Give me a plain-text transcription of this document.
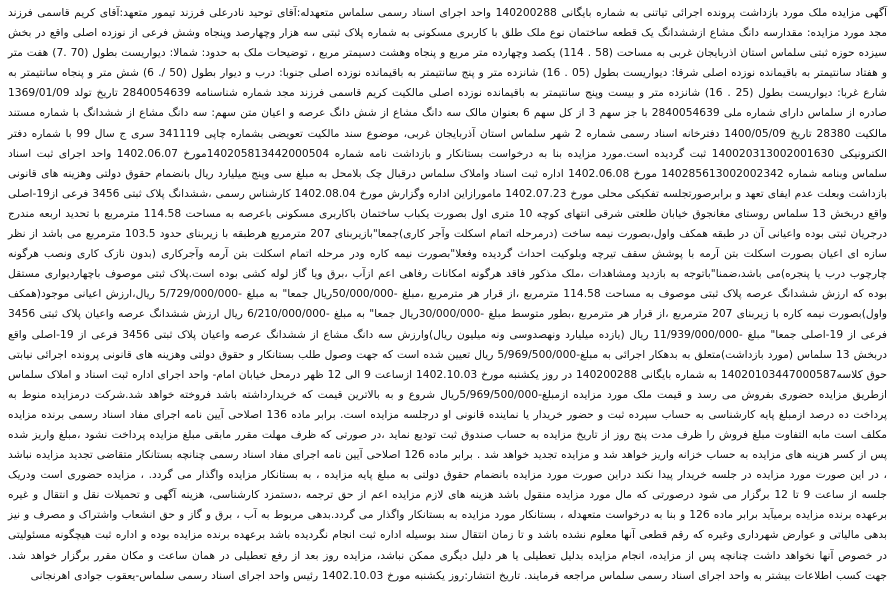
آگهی مزایده ملک مورد بازداشت پرونده اجرائی تیاتنی به شماره بایگانی 140200288 واحد اجرای اسناد رسمی سلماس متعهدله:آقای توحید نادرعلی فرزند تیمور متعهد:آقای کریم قاسمی فرزند مجد مورد مزایده: مقدارسه دانگ مشاع ازششدانگ یک قطعه ساختمان نوع ملک طلق با کاربری مسکونی به شماره پلاک ثبتی سه هزار وچهارصد وپنجاه وشش فرعی از نوزده اصلی واقع در بخش سیزده حوزه ثبتی سلماس استان اذربایجان غربی به مساحت (58 . 114) یکصد وچهارده متر مربع و پنجاه وهشت دسیمتر مربع ، توضیحات ملک به حدود: شمالا: دیواریست بطول (70 .7) هفت متر و هفتاد سانتیمتر به باقیمانده نوزده اصلی شرقا: دیواریست بطول (05 . 16) شانزده متر و پنج سانتیمتر به باقیمانده نوزده اصلی جنوبا: درب و دیوار بطول (50 /. 6) شش متر و پنجاه سانتیمتر به شارع غربا: دیواریست بطول (25 . 16) شانزده متر و بیست وپنج سانتیمتر به باقیمانده نوزده اصلی مالکیت کریم قاسمی فرزند مجد شماره شناسنامه 2840054639 تاریخ تولد 1369/01/09 صادره از سلماس دارای شماره ملی 2840054639 با جز سهم 3 از کل سهم 6 بعنوان مالک سه دانگ مشاع از شش دانگ عرصه و اعیان متن سهم: سه دانگ مشاع از ششدانگ با شماره مستند مالکیت 28380 تاریخ 1400/05/09 دفترخانه اسناد رسمی شماره 2 شهر سلماس استان آذربایجان غربی، موضوع سند مالکیت تعویضی بشماره چاپی 341119 سری ج سال 99 با شماره دفتر الکترونیکی 140020313002001630 ثبت گردیده است.مورد مزایده بنا به درخواست بستانکار و بازداشت نامه شماره 14020581344200050‌4مورخ 1402.06.07 واحد اجرای ثبت اسناد سلماس وبنامه شماره 140285613002002342 مورخ 1402.06.08 اداره ثبت اسناد واملاک سلماس درقبال چک بلامحل به مبلغ سی وپنج میلیارد ریال بانضمام حقوق دولتی وهزینه های قانونی بازداشت وبعلت عدم ایفای تعهد و برابرصورتجلسه تفکیکی محلی مورخ 1402.07.23 مامورازاین اداره وگزارش مورخ 1402.08.04 کارشناس رسمی ،ششدانگ پلاک ثبتی 3456 فرعی از19-اصلی واقع دربخش 13 سلماس روستای مغانجوق خیابان طلعتی شرقی انتهای کوچه 10 متری اول بصورت یکباب ساختمان باکاربری مسکونی باعرصه به مساحت 114.58 مترمربع با تحدید اربعه مندرج درجریان ثبتی بوده واعیانی آن در طبقه همکف واول،بصورت نیمه ساخت (درمرحله اتمام اسکلت وآجر کاری)جمعا"بازیربنای 207 مترمربع هرطبقه با زیربنای حدود 103.5 مترمربع می باشد از نظر سازه ای اعیان بصورت اسکلت بتن آرمه با پوشش سقف تیرچه وبلوکیت احداث گردیده وفعلا"بصورت نیمه کاره ودر مرحله اتمام اسکلت بتن آرمه وآجرکاری (بدون نازک کاری ونصب هرگونه چارچوب درب یا پنجره)می باشد،ضمنا"باتوجه به بازدید ومشاهدات ،ملک مذکور فاقد هرگونه امکانات رفاهی اعم ازآب ،برق ویا گاز لوله کشی بوده است.پلاک ثبتی موصوف باچهاردیواری مستقل بوده که ارزش ششدانگ عرصه پلاک ثبتی موصوف به مساحت 114.58 مترمربع ،از قرار هر مترمربع ،مبلغ -50/000/000ریال جمعا" به مبلغ -5/729/000/000 ریال،ارزش اعیانی موجود(همکف واول)بصورت نیمه کاره با زیربنای 207 مترمربع ،از قرار هر مترمربع ،بطور متوسط مبلغ -30/000/000ریال جمعا" به مبلغ -6/210/000/000 ریال ارزش ششدانگ عرصه واعیان پلاک ثبتی 3456 فرعی از 19-اصلی جمعا" مبلغ -11/939/000/000 ریال (یازده میلیارد ونهصدوسی ونه میلیون ریال)وارزش سه دانگ مشاع از ششدانگ عرصه واعیان پلاک ثبتی 3456 فرعی از 19-اصلی واقع دربخش 13 سلماس (مورد بازداشت)متعلق به بدهکار اجرائی به مبلغ-5/969/500/000 ریال تعیین شده است که جهت وصول طلب بستانکار و حقوق دولتی وهزینه های قانونی پرونده اجرائی نیابتی حوق کلاسه140201034470005‌87 به شماره بایگانی 140200288 در روز یکشنبه مورخ 1402.10.03 ازساعت 9 الی 12 ظهر درمحل خیابان امام- واحد اجرای اداره ثبت اسناد و املاک سلماس ازطریق مزایده حضوری بفروش می رسد و قیمت ملک مورد مزایده ازمبلغ-5/969/500/000ریال شروع و به بالاترین قیمت که خریدارداشته باشد فروخته خواهد شد.شرکت درمزایده منوط به پرداخت ده درصد ازمبلغ پایه کارشناسی به حساب سپرده ثبت و حضور خریدار یا نماینده قانونی او درجلسه مزایده است. برابر ماده 136 اصلاحی آیین نامه اجرای مفاد اسناد رسمی برنده مزایده مکلف است مابه التفاوت مبلغ فروش را ظرف مدت پنج روز از تاریخ مزایده به حساب صندوق ثبت تودیع نماید ،در صورتی که ظرف مهلت مقرر مابقی مبلغ مزایده پرداخت نشود ،مبلغ واریز شده پس از کسر هزینه های مزایده به حساب خزانه واریز خواهد شد و مزایده تجدید خواهد شد . برابر ماده 126 اصلاحی آیین نامه اجرای مفاد اسناد رسمی چنانچه بستانکار متقاضی تجدید مزایده نباشد ، در این صورت مورد مزایده در جلسه خریدار پیدا نکند دراین صورت مورد مزایده بانضمام حقوق دولتی به مبلغ پایه مزایده ، به بستانکار مزایده واگذار می گردد. ، مزایده حضوری است ودریک جلسه از ساعت 9 تا 12 برگزار می شود درصورتی که مال مورد مزایده منقول باشد هزینه های لازم مزایده اعم از حق ترجمه ،دستمزد کارشناسی، هزینه آگهی و تحمیلات نقل و انتقال و غیره برعهده برنده مزایده برمیآید برابر ماده 126 و بنا به درخواست متعهدله ، بستانکار مورد مزایده به بستانکار واگذار می گردد.بدهی مربوط به آب ، برق و گاز و حق انشعاب واشتراک و مصرف و نیز بدهی مالیاتی و عوارض شهرداری وغیره که رقم قطعی آنها معلوم نشده باشد و تا زمان انتقال سند بوسیله اداره ثبت انجام نگردیده باشد برعهده برنده مزایده بوده و اداره ثبت هیچگونه مسئولیتی در خصوص آنها نخواهد داشت چنانچه پس از مزایده، انجام مزایده بدلیل تعطیلی یا هر دلیل دیگری ممکن نباشد، مزایده روز بعد از رفع تعطیلی در همان ساعت و مکان مقرر برگزار خواهد شد. جهت کسب اطلاعات بیشتر به واحد اجرای اسناد رسمی سلماس مراجعه فرمایند. تاریخ انتشار:روز یکشنبه مورخ 1402.10.03 رئیس واحد اجرای اسناد رسمی سلماس-یعقوب جوادی اهرنجانی
